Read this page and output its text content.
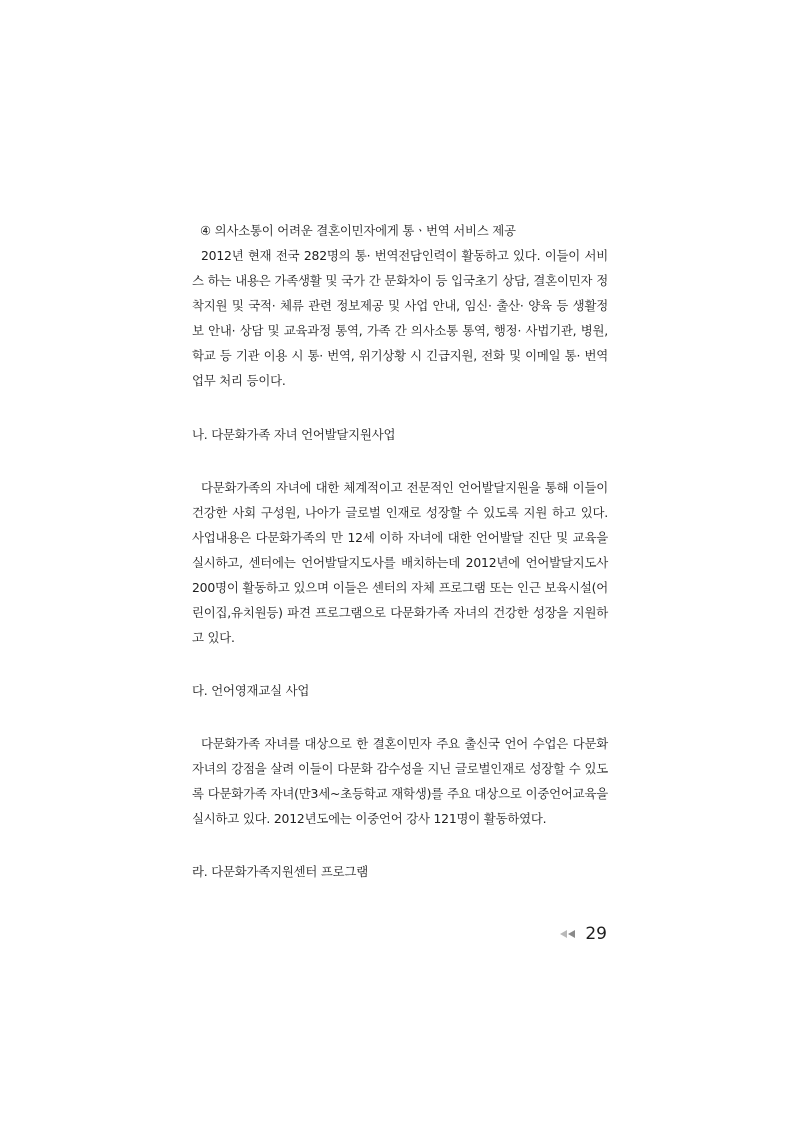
④ 의사소통이 어려운 결혼이민자에게 통ㆍ번역 서비스 제공

2012년 현재 전국 282명의 통· 번역전담인력이 활동하고 있다. 이들이 서비스 하는 내용은 가족생활 및 국가 간 문화차이 등 입국초기 상담, 결혼이민자 정착지원 및 국적· 체류 관련 정보제공 및 사업 안내, 임신· 출산· 양육 등 생활정보 안내· 상담 및 교육과정 통역, 가족 간 의사소통 통역, 행정· 사법기관, 병원, 학교 등 기관 이용 시 통· 번역, 위기상황 시 긴급지원, 전화 및 이메일 통· 번역 업무 처리 등이다.

나. 다문화가족 자녀 언어발달지원사업

다문화가족의 자녀에 대한 체계적이고 전문적인 언어발달지원을 통해 이들이 건강한 사회 구성원, 나아가 글로벌 인재로 성장할 수 있도록 지원 하고 있다. 사업내용은 다문화가족의 만 12세 이하 자녀에 대한 언어발달 진단 및 교육을 실시하고, 센터에는 언어발달지도사를 배치하는데 2012년에 언어발달지도사 200명이 활동하고 있으며 이들은 센터의 자체 프로그램 또는 인근 보육시설(어린이집,유치원등) 파견 프로그램으로 다문화가족 자녀의 건강한 성장을 지원하고 있다.

다. 언어영재교실 사업

다문화가족 자녀를 대상으로 한 결혼이민자 주요 출신국 언어 수업은 다문화자녀의 강점을 살려 이들이 다문화 감수성을 지닌 글로벌인재로 성장할 수 있도록 다문화가족 자녀(만3세~초등학교 재학생)를 주요 대상으로 이중언어교육을 실시하고 있다. 2012년도에는 이중언어 강사 121명이 활동하였다.

라. 다문화가족지원센터 프로그램

29
